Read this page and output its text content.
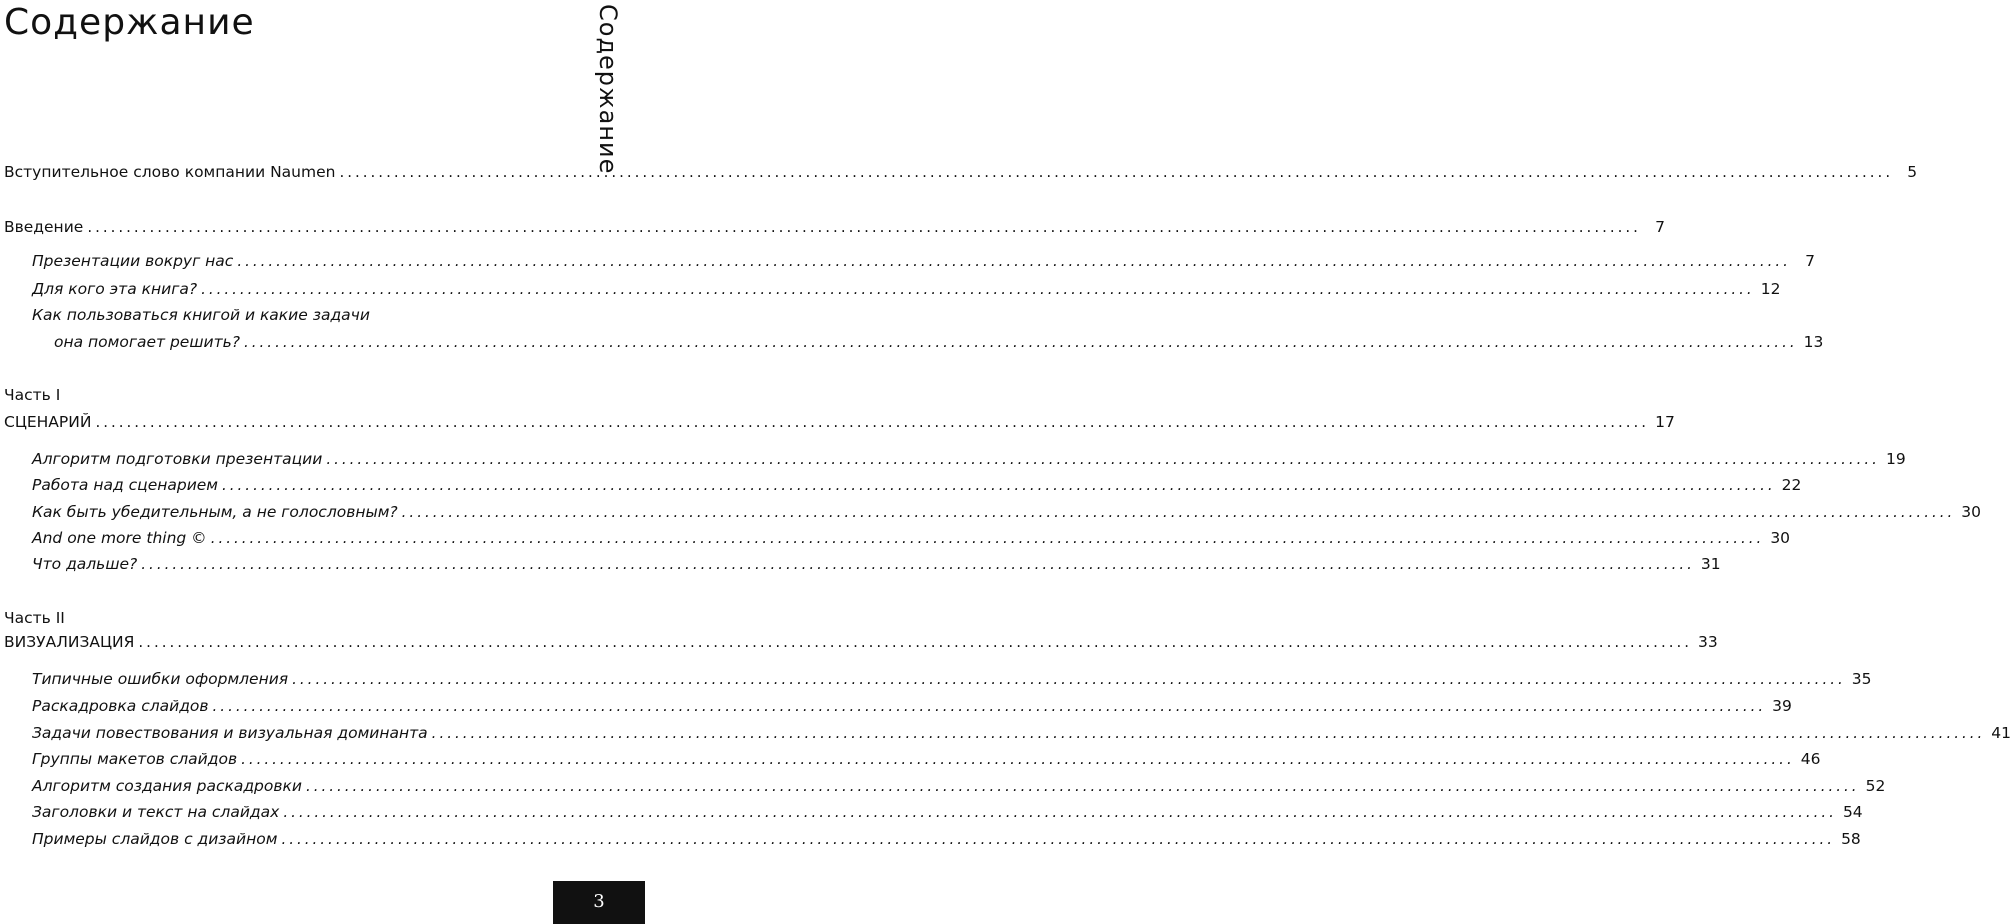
Содержание	Содержание
Вступительное слово компании Naumen ........................................................................................................................................................................................................ 5
Введение ........................................................................................................................................................................................................ 7
Презентации вокруг нас ........................................................................................................................................................................................................ 7
Для кого эта книга? ........................................................................................................................................................................................................ 12
Как пользоваться книгой и какие задачи
она помогает решить? ........................................................................................................................................................................................................ 13
Часть I
СЦЕНАРИЙ ........................................................................................................................................................................................................ 17
Алгоритм подготовки презентации ........................................................................................................................................................................................................ 19
Работа над сценарием ........................................................................................................................................................................................................ 22
Как быть убедительным, а не голословным? ........................................................................................................................................................................................................ 30
And one more thing © ........................................................................................................................................................................................................ 30
Что дальше? ........................................................................................................................................................................................................ 31
Часть II
ВИЗУАЛИЗАЦИЯ ........................................................................................................................................................................................................ 33
Типичные ошибки оформления ........................................................................................................................................................................................................ 35
Раскадровка слайдов ........................................................................................................................................................................................................ 39
Задачи повествования и визуальная доминанта ........................................................................................................................................................................................................ 41
Группы макетов слайдов ........................................................................................................................................................................................................ 46
Алгоритм создания раскадровки ........................................................................................................................................................................................................ 52
Заголовки и текст на слайдах ........................................................................................................................................................................................................ 54
Примеры слайдов с дизайном ........................................................................................................................................................................................................ 58
3
